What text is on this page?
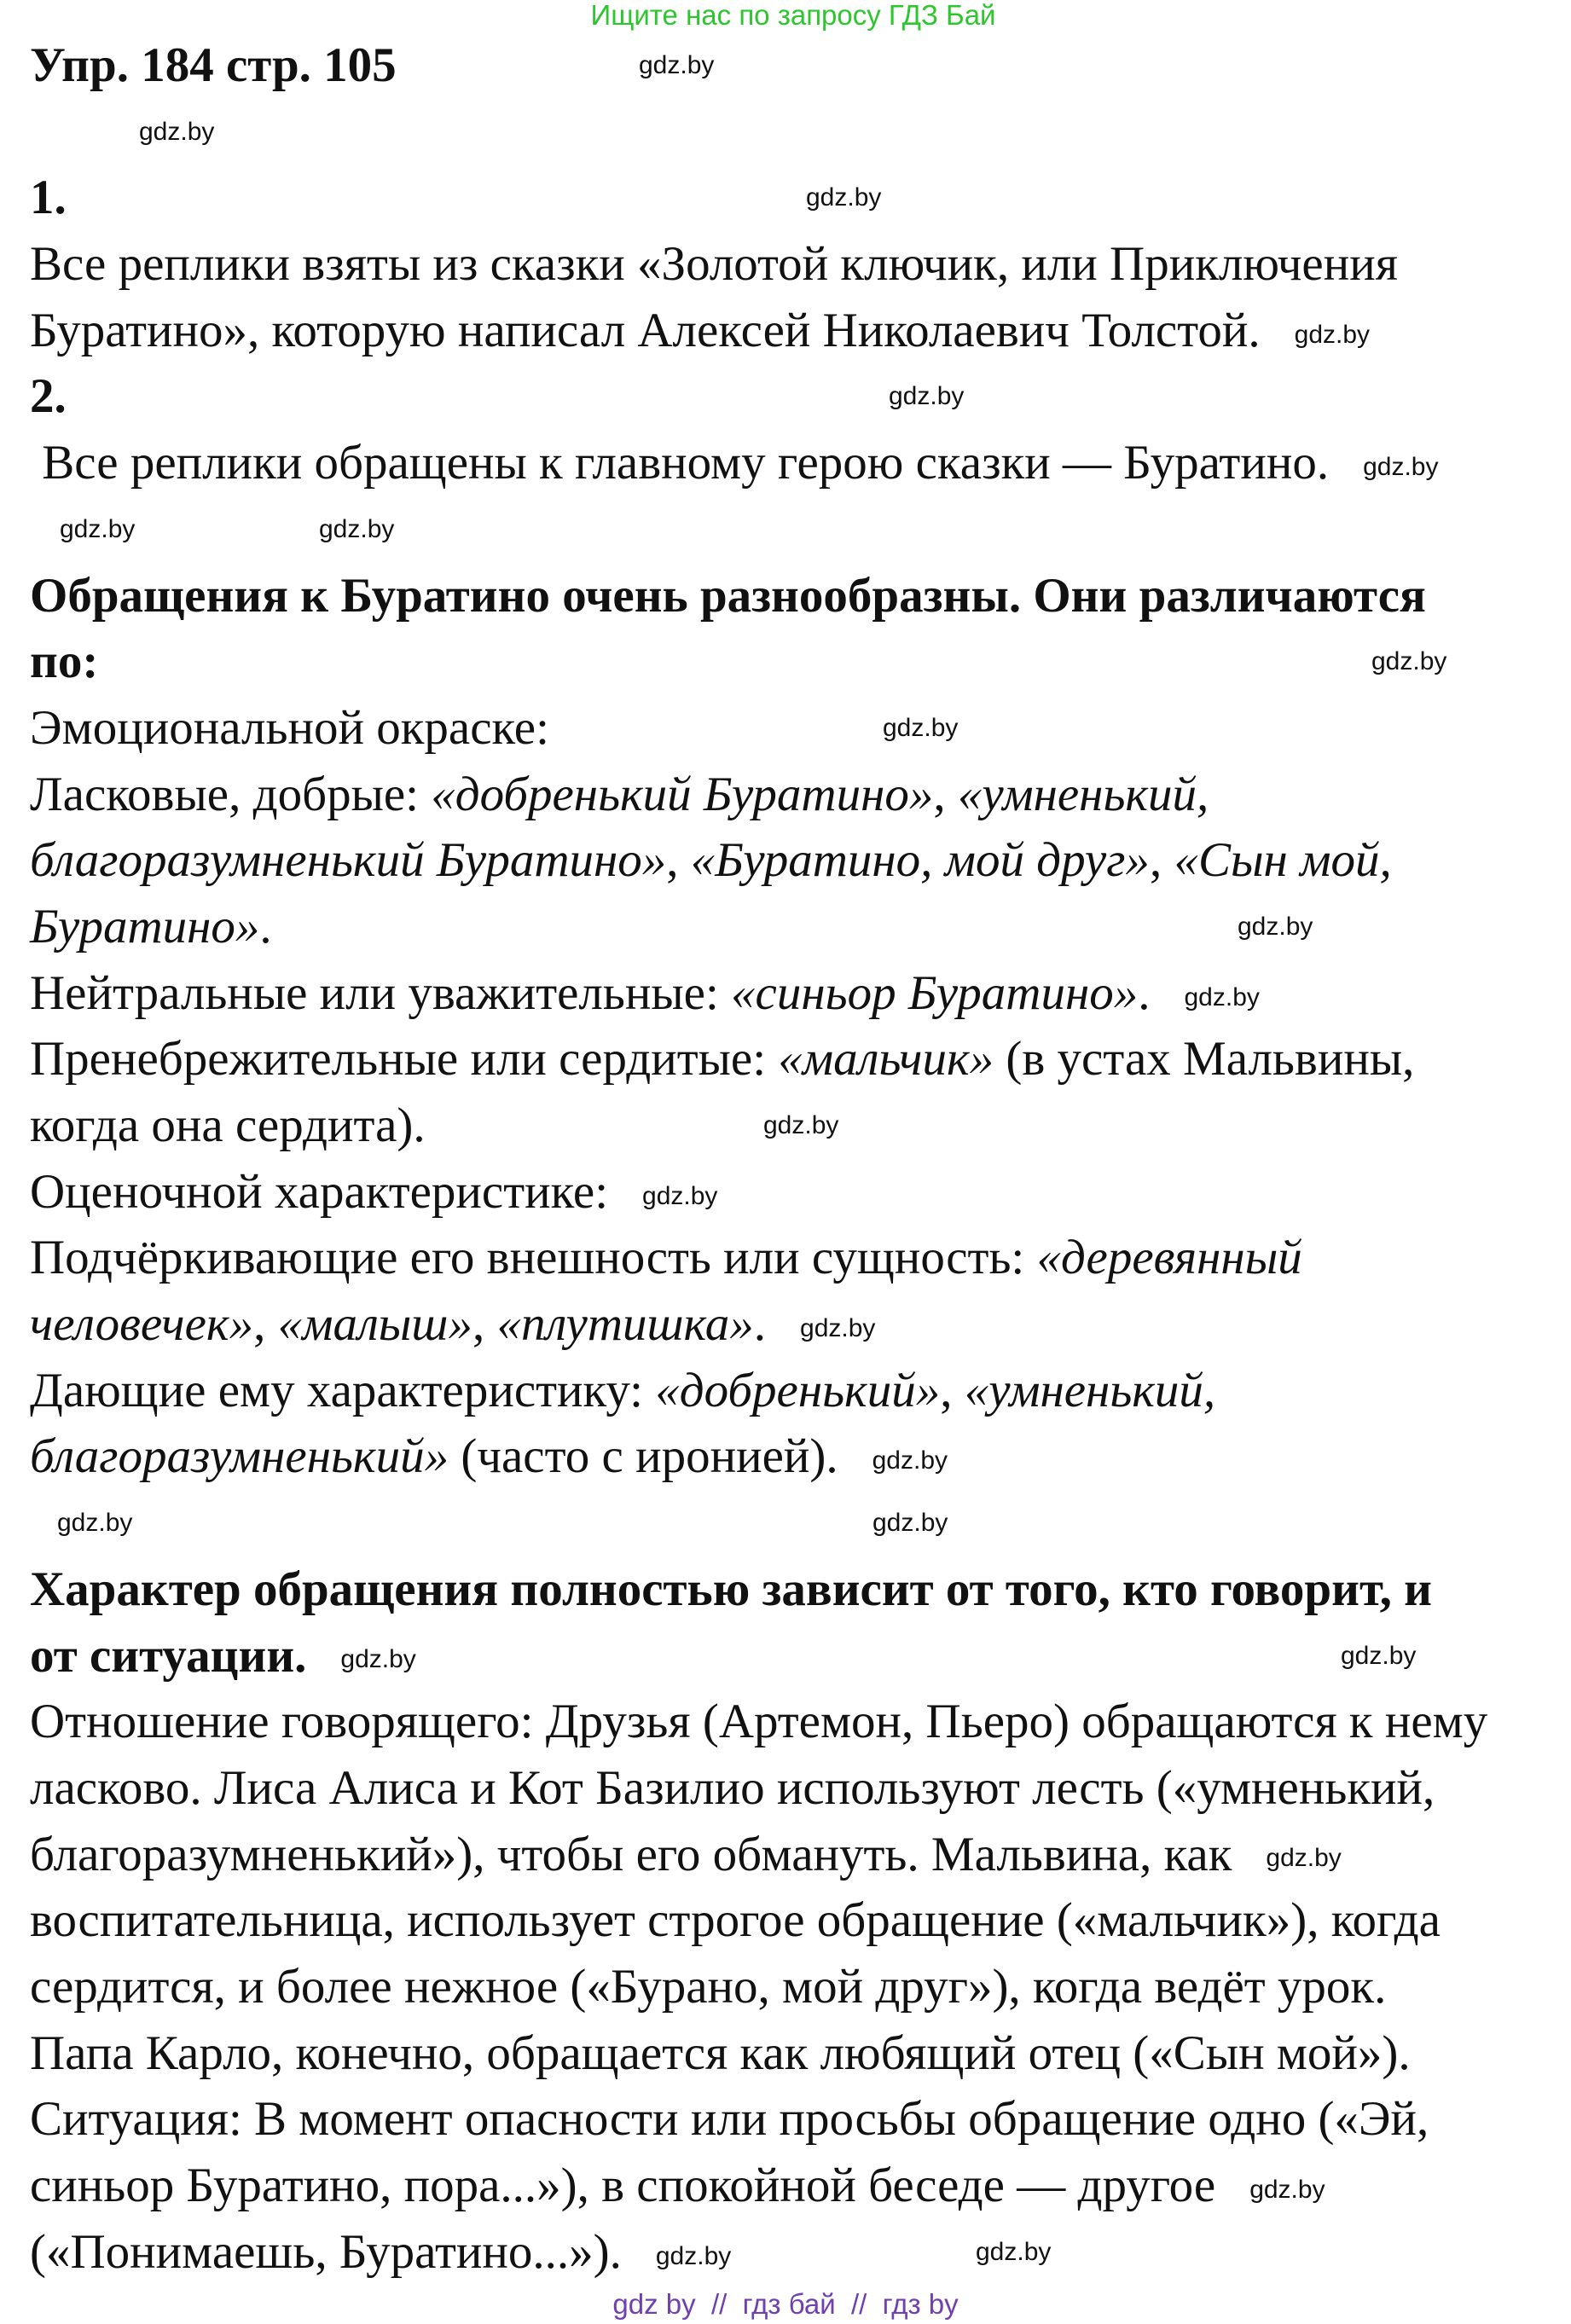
Ищите нас по запросу ГДЗ Бай
Упр. 184 стр. 105	gdz.by
gdz.by
1.	gdz.by
Все реплики взяты из сказки «Золотой ключик, или Приключения
Буратино», которую написал Алексей Николаевич Толстой. gdz.by
2.	gdz.by
Все реплики обращены к главному герою сказки — Буратино. gdz.by
gdz.by	gdz.by
Обращения к Буратино очень разнообразны. Они различаются
по:	gdz.by
Эмоциональной окраске:	gdz.by
Ласковые, добрые: «добренький Буратино», «умненький,
благоразумненький Буратино», «Буратино, мой друг», «Сын мой,
Буратино».	gdz.by
Нейтральные или уважительные: «синьор Буратино». gdz.by
Пренебрежительные или сердитые: «мальчик» (в устах Мальвины,
когда она сердита).	gdz.by
Оценочной характеристике: gdz.by
Подчёркивающие его внешность или сущность: «деревянный
человечек», «малыш», «плутишка». gdz.by
Дающие ему характеристику: «добренький», «умненький,
благоразумненький» (часто с иронией). gdz.by
gdz.by	gdz.by
Характер обращения полностью зависит от того, кто говорит, и
от ситуации. gdz.by	gdz.by
Отношение говорящего: Друзья (Артемон, Пьеро) обращаются к нему
ласково. Лиса Алиса и Кот Базилио используют лесть («умненький,
благоразумненький»), чтобы его обмануть. Мальвина, как gdz.by
воспитательница, использует строгое обращение («мальчик»), когда
сердится, и более нежное («Бурано, мой друг»), когда ведёт урок.
Папа Карло, конечно, обращается как любящий отец («Сын мой»).
Ситуация: В момент опасности или просьбы обращение одно («Эй,
синьор Буратино, пора...»), в спокойной беседе — другое gdz.by
(«Понимаешь, Буратино...»). gdz.by	gdz.by
gdz by  //  гдз бай  //  гдз by
